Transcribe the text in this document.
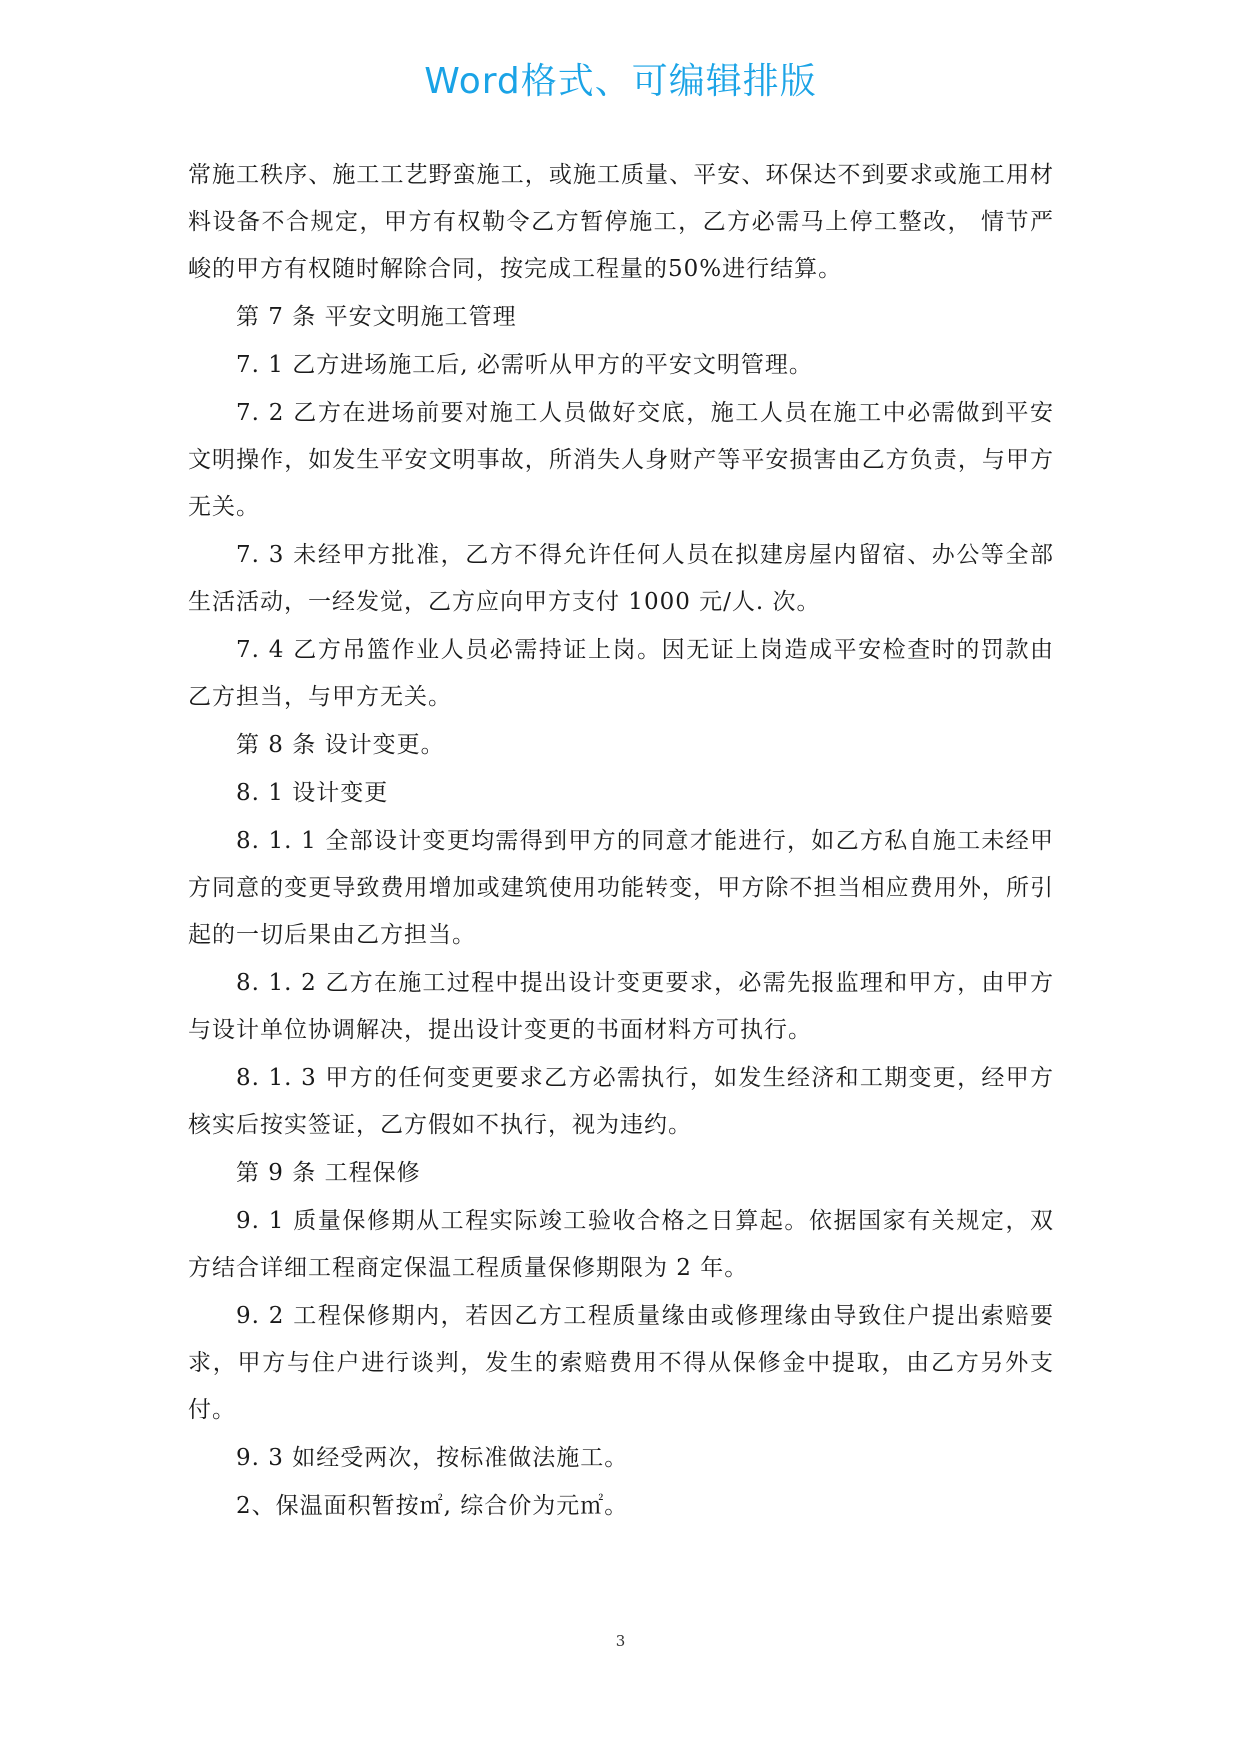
Word格式、可编辑排版

常施工秩序、施工工艺野蛮施工，或施工质量、平安、环保达不到要求或施工用材料设备不合规定，甲方有权勒令乙方暂停施工，乙方必需马上停工整改， 情节严峻的甲方有权随时解除合同，按完成工程量的50%进行结算。

第 7 条 平安文明施工管理

7. 1 乙方进场施工后, 必需听从甲方的平安文明管理。

7. 2 乙方在进场前要对施工人员做好交底，施工人员在施工中必需做到平安文明操作，如发生平安文明事故，所消失人身财产等平安损害由乙方负责，与甲方无关。

7. 3 未经甲方批准，乙方不得允许任何人员在拟建房屋内留宿、办公等全部生活活动，一经发觉，乙方应向甲方支付 1000 元/人. 次。

7. 4 乙方吊篮作业人员必需持证上岗。因无证上岗造成平安检查时的罚款由乙方担当，与甲方无关。

第 8 条 设计变更。

8. 1 设计变更

8. 1. 1 全部设计变更均需得到甲方的同意才能进行，如乙方私自施工未经甲方同意的变更导致费用增加或建筑使用功能转变，甲方除不担当相应费用外，所引起的一切后果由乙方担当。

8. 1. 2 乙方在施工过程中提出设计变更要求，必需先报监理和甲方，由甲方与设计单位协调解决，提出设计变更的书面材料方可执行。

8. 1. 3 甲方的任何变更要求乙方必需执行，如发生经济和工期变更，经甲方核实后按实签证，乙方假如不执行，视为违约。

第 9 条 工程保修

9. 1 质量保修期从工程实际竣工验收合格之日算起。依据国家有关规定，双方结合详细工程商定保温工程质量保修期限为 2 年。

9. 2 工程保修期内，若因乙方工程质量缘由或修理缘由导致住户提出索赔要求，甲方与住户进行谈判，发生的索赔费用不得从保修金中提取，由乙方另外支付。

9. 3 如经受两次，按标准做法施工。

2、保温面积暂按㎡, 综合价为元㎡。

3
